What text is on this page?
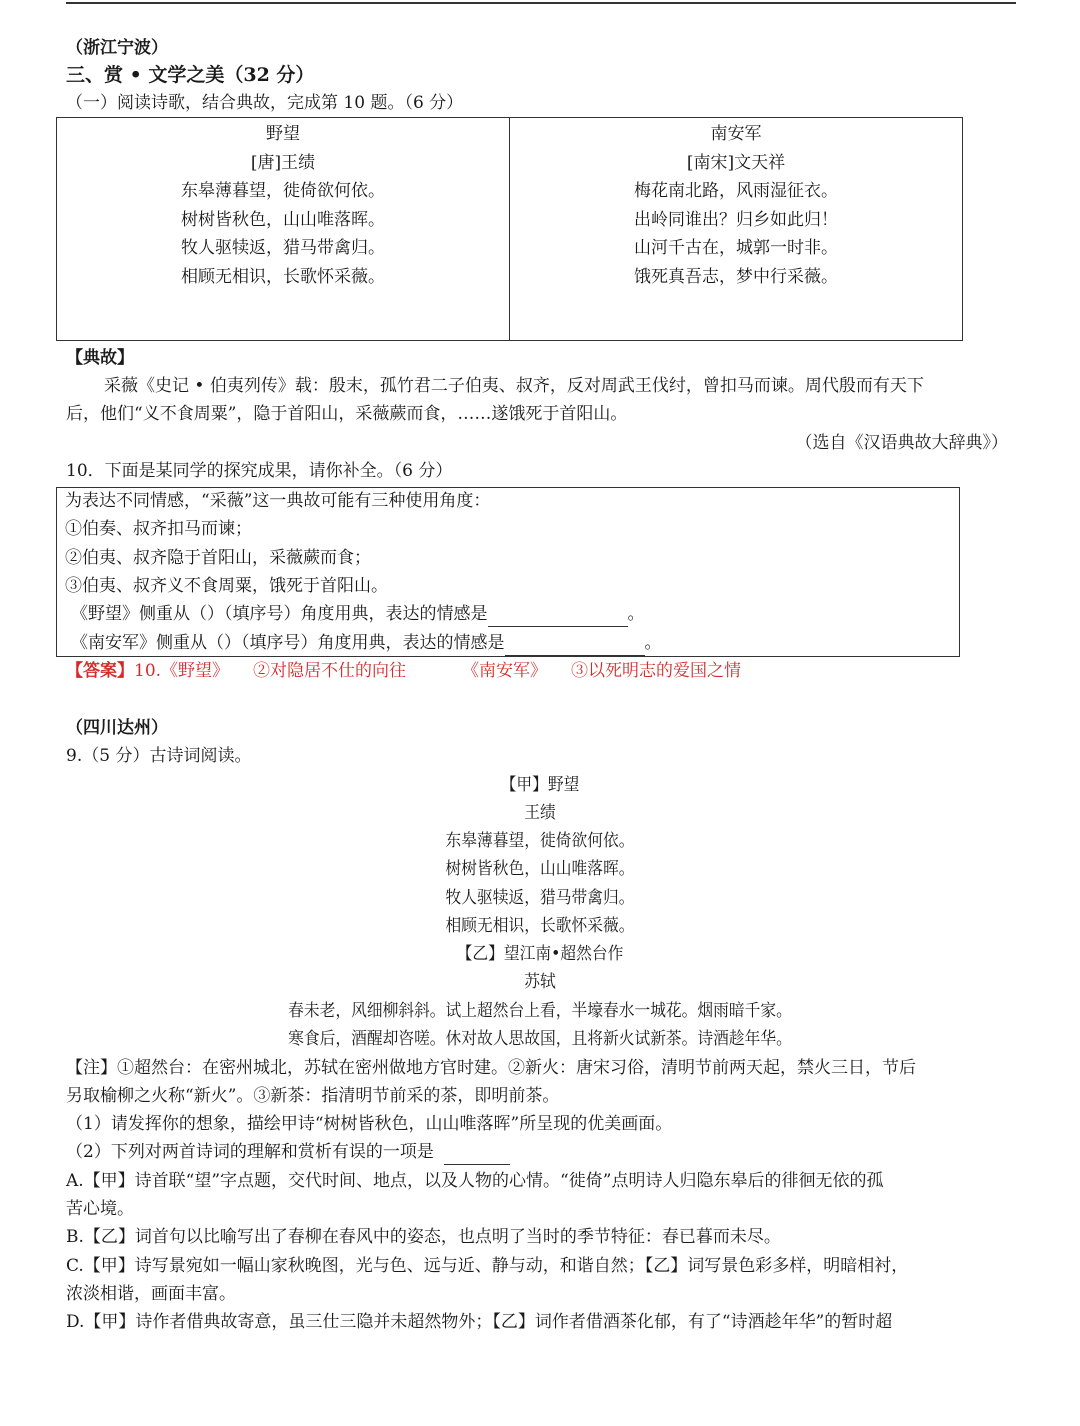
（浙江宁波）
三、赏 • 文学之美（32 分）
（一）阅读诗歌，结合典故，完成第 10 题。（6 分）
野望
[唐]王绩
东皋薄暮望，徙倚欲何依。
树树皆秋色，山山唯落晖。
牧人驱犊返，猎马带禽归。
相顾无相识，长歌怀采薇。
南安军
[南宋]文天祥
梅花南北路，风雨湿征衣。
出岭同谁出？归乡如此归！
山河千古在，城郭一时非。
饿死真吾志，梦中行采薇。
【典故】
采薇《史记 • 伯夷列传》载：殷末，孤竹君二子伯夷、叔齐，反对周武王伐纣，曾扣马而谏。周代殷而有天下
后，他们“义不食周粟”，隐于首阳山，采薇蕨而食，……遂饿死于首阳山。
（选自《汉语典故大辞典》）
10．下面是某同学的探究成果，请你补全。（6 分）
为表达不同情感，“采薇”这一典故可能有三种使用角度：
①伯奏、叔齐扣马而谏；
②伯夷、叔齐隐于首阳山，采薇蕨而食；
③伯夷、叔齐义不食周粟，饿死于首阳山。
《野望》侧重从（）（填序号）角度用典，表达的情感是	。
《南安军》侧重从（）（填序号）角度用典，表达的情感是	。
【答案】10.《野望》 ②对隐居不仕的向往	《南安军》 ③以死明志的爱国之情
（四川达州）
9.（5 分）古诗词阅读。
【甲】野望
王绩
东皋薄暮望，徙倚欲何依。
树树皆秋色，山山唯落晖。
牧人驱犊返，猎马带禽归。
相顾无相识，长歌怀采薇。
【乙】望江南•超然台作
苏轼
春未老，风细柳斜斜。试上超然台上看，半壕春水一城花。烟雨暗千家。
寒食后，酒醒却咨嗟。休对故人思故国，且将新火试新茶。诗酒趁年华。
【注】①超然台：在密州城北，苏轼在密州做地方官时建。②新火：唐宋习俗，清明节前两天起，禁火三日，节后
另取榆柳之火称“新火”。③新茶：指清明节前采的茶，即明前茶。
（1）请发挥你的想象，描绘甲诗“树树皆秋色，山山唯落晖”所呈现的优美画面。
（2）下列对两首诗词的理解和赏析有误的一项是
A.【甲】诗首联“望”字点题，交代时间、地点，以及人物的心情。“徙倚”点明诗人归隐东皋后的徘徊无依的孤
苦心境。
B.【乙】词首句以比喻写出了春柳在春风中的姿态，也点明了当时的季节特征：春已暮而未尽。
C.【甲】诗写景宛如一幅山家秋晚图，光与色、远与近、静与动，和谐自然；【乙】词写景色彩多样，明暗相衬，
浓淡相谐，画面丰富。
D.【甲】诗作者借典故寄意，虽三仕三隐并未超然物外；【乙】词作者借酒茶化郁，有了“诗酒趁年华”的暂时超
